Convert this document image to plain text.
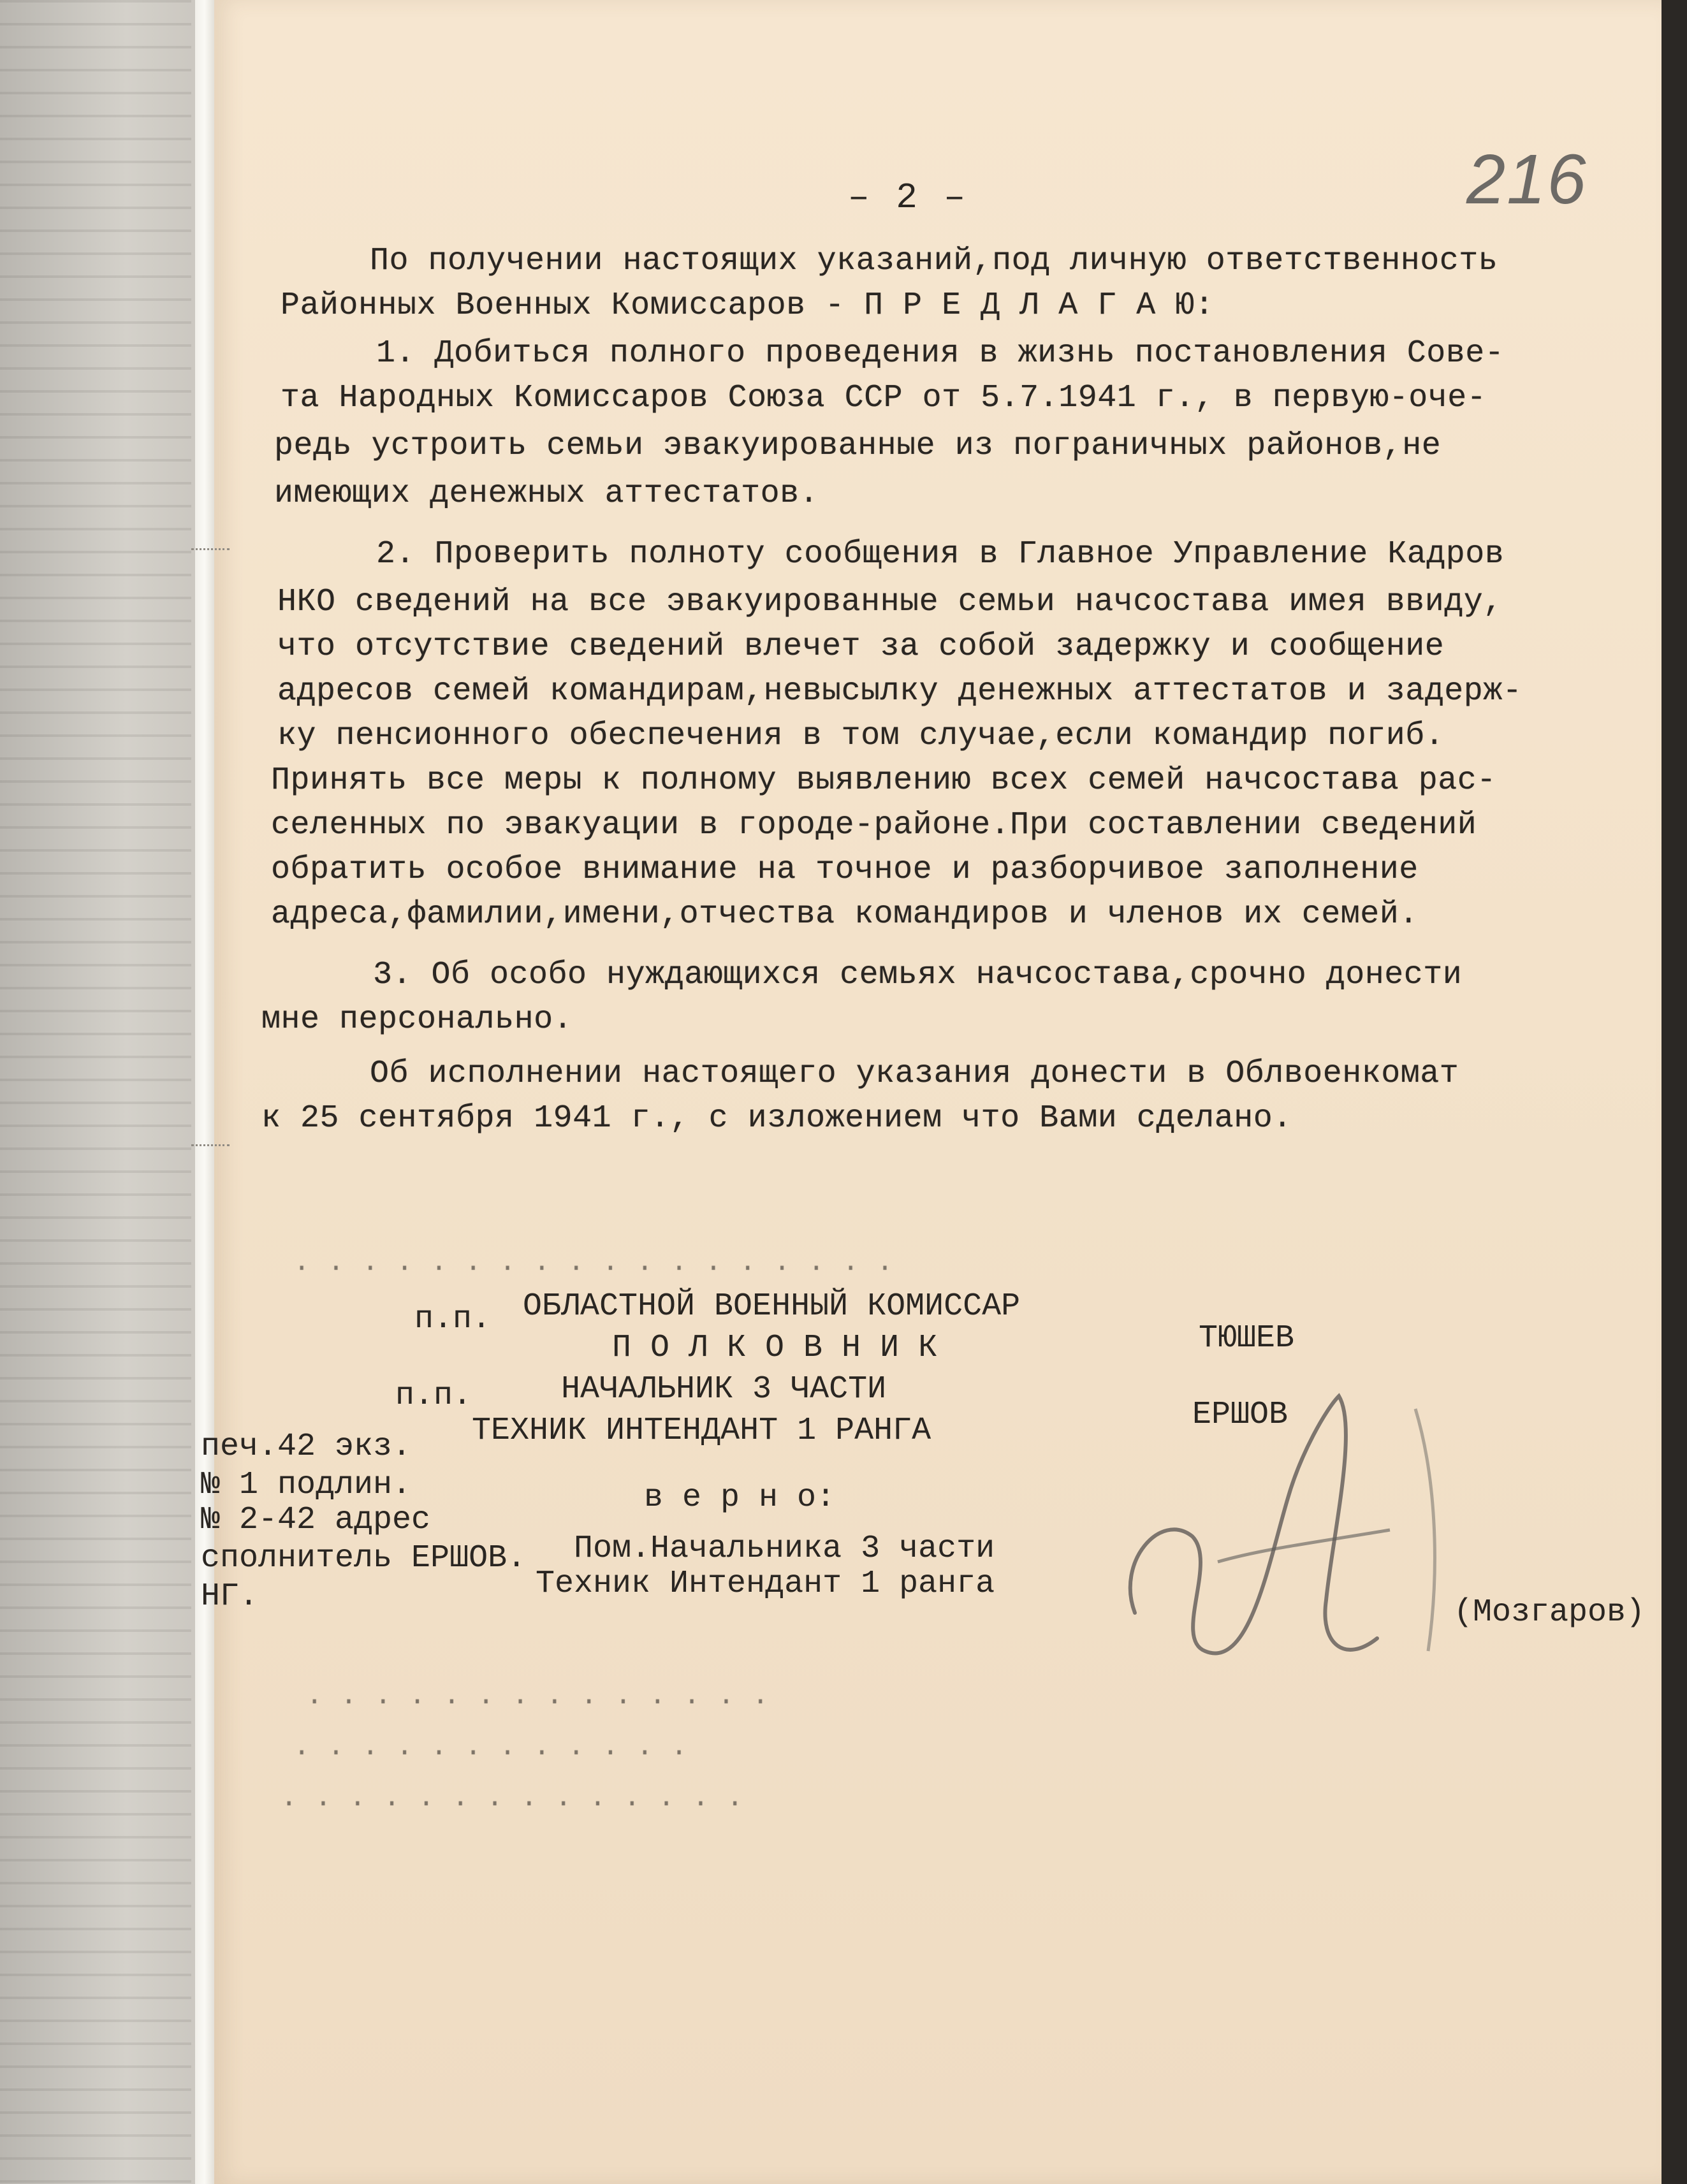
– 2 –	216
По получении настоящих указаний,под личную ответственность
Районных Военных Комиссаров - П Р Е Д Л А Г А Ю:
1. Добиться полного проведения в жизнь постановления Сове-
та Народных Комиссаров Союза ССР от 5.7.1941 г., в первую-оче-
редь устроить семьи эвакуированные из пограничных районов,не
имеющих денежных аттестатов.
2. Проверить полноту сообщения в Главное Управление Кадров
НКО сведений на все эвакуированные семьи начсостава имея ввиду,
что отсутствие сведений влечет за собой задержку и сообщение
адресов семей командирам,невысылку денежных аттестатов и задерж-
ку пенсионного обеспечения в том случае,если командир погиб.
Принять все меры к полному выявлению всех семей начсостава рас-
селенных по эвакуации в городе-районе.При составлении сведений
обратить особое внимание на точное и разборчивое заполнение
адреса,фамилии,имени,отчества командиров и членов их семей.
3. Об особо нуждающихся семьях начсостава,срочно донести
мне персонально.
Об исполнении настоящего указания донести в Облвоенкомат
к 25 сентября 1941 г., с изложением что Вами сделано.
п.п. ОБЛАСТНОЙ ВОЕННЫЙ КОМИССАР
П О Л К О В Н И К	ТЮШЕВ
п.п.	НАЧАЛЬНИК 3 ЧАСТИ
ТЕХНИК ИНТЕНДАНТ 1 РАНГА	ЕРШОВ
в е р н о:
Пом.Начальника 3 части
Техник Интендант 1 ранга
(Мозгаров)
печ.42 экз.
№ 1 подлин.
№ 2-42 адрес
сполнитель ЕРШОВ.
НГ.
· · · · · · · · · · · · · · · · · ·
· · · · · · · · · · · · · ·
· · · · · · · · · · · ·
· · · · · · · · · · · · · ·
